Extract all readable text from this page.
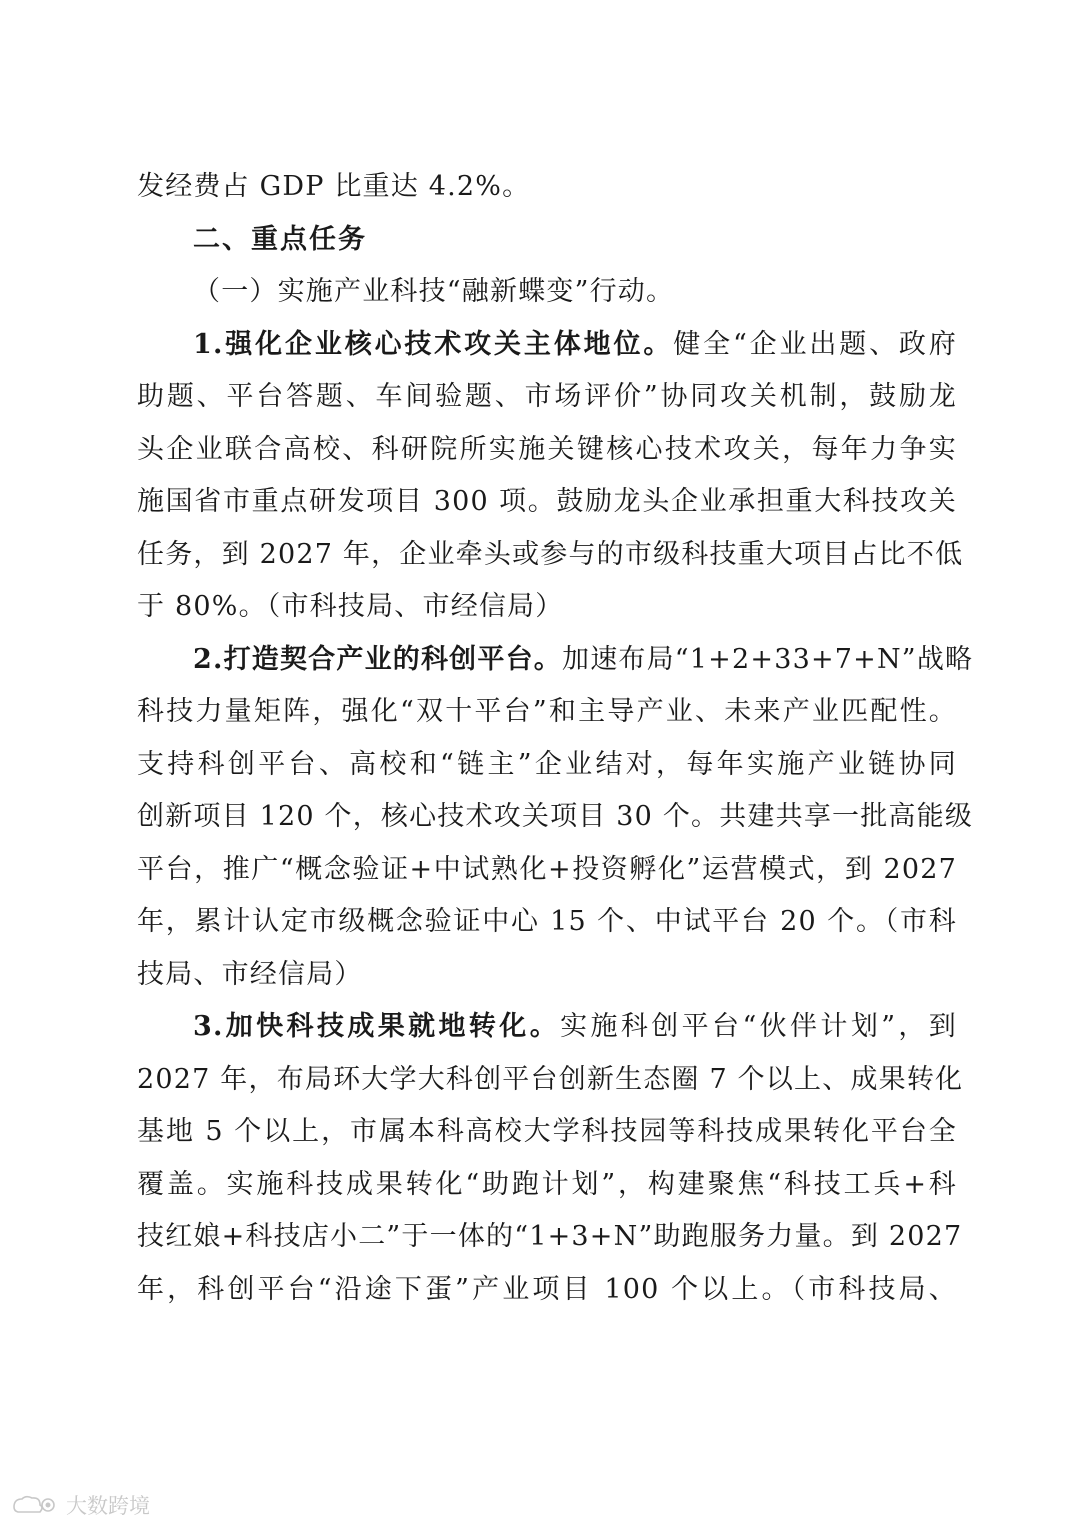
发经费占 GDP 比重达 4.2%。
二、重点任务
（一）实施产业科技“融新蝶变”行动。
1.强化企业核心技术攻关主体地位。健全“企业出题、政府
助题、平台答题、车间验题、市场评价”协同攻关机制，鼓励龙
头企业联合高校、科研院所实施关键核心技术攻关，每年力争实
施国省市重点研发项目 300 项。鼓励龙头企业承担重大科技攻关
任务，到 2027 年，企业牵头或参与的市级科技重大项目占比不低
于 80%。（市科技局、市经信局）
2.打造契合产业的科创平台。加速布局“1+2+33+7+N”战略
科技力量矩阵，强化“双十平台”和主导产业、未来产业匹配性。
支持科创平台、高校和“链主”企业结对，每年实施产业链协同
创新项目 120 个，核心技术攻关项目 30 个。共建共享一批高能级
平台，推广“概念验证+中试熟化+投资孵化”运营模式，到 2027
年，累计认定市级概念验证中心 15 个、中试平台 20 个。（市科
技局、市经信局）
3.加快科技成果就地转化。实施科创平台“伙伴计划”，到
2027 年，布局环大学大科创平台创新生态圈 7 个以上、成果转化
基地 5 个以上，市属本科高校大学科技园等科技成果转化平台全
覆盖。实施科技成果转化“助跑计划”，构建聚焦“科技工兵+科
技红娘+科技店小二”于一体的“1+3+N”助跑服务力量。到 2027
年，科创平台“沿途下蛋”产业项目 100 个以上。（市科技局、
大数跨境
